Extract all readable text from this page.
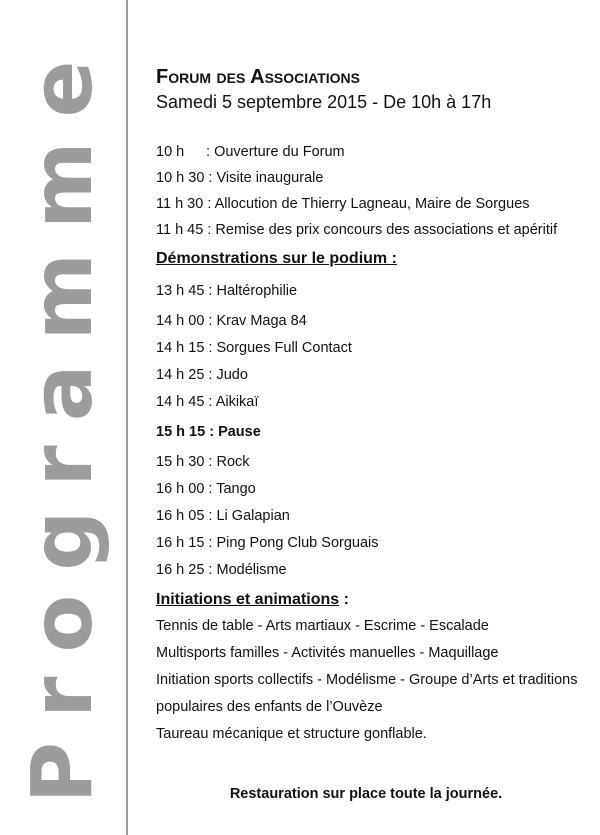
Programme Forum des Associations

Samedi 5 septembre 2015 - De 10h à 17h

10 h : Ouverture du Forum
10 h 30 : Visite inaugurale
11 h 30 : Allocution de Thierry Lagneau, Maire de Sorgues
11 h 45 : Remise des prix concours des associations et apéritif
Démonstrations sur le podium :
13 h 45 : Haltérophilie
14 h 00 : Krav Maga 84
14 h 15 : Sorgues Full Contact
14 h 25 : Judo
14 h 45 : Aikikaï
15 h 15 : Pause
15 h 30 : Rock
16 h 00 : Tango
16 h 05 : Li Galapian
16 h 15 : Ping Pong Club Sorguais
16 h 25 : Modélisme
Initiations et animations :
Tennis de table - Arts martiaux - Escrime - Escalade
Multisports familles - Activités manuelles - Maquillage
Initiation sports collectifs - Modélisme - Groupe d’Arts et traditions
populaires des enfants de l’Ouvèze
Taureau mécanique et structure gonflable.
Restauration sur place toute la journée.
